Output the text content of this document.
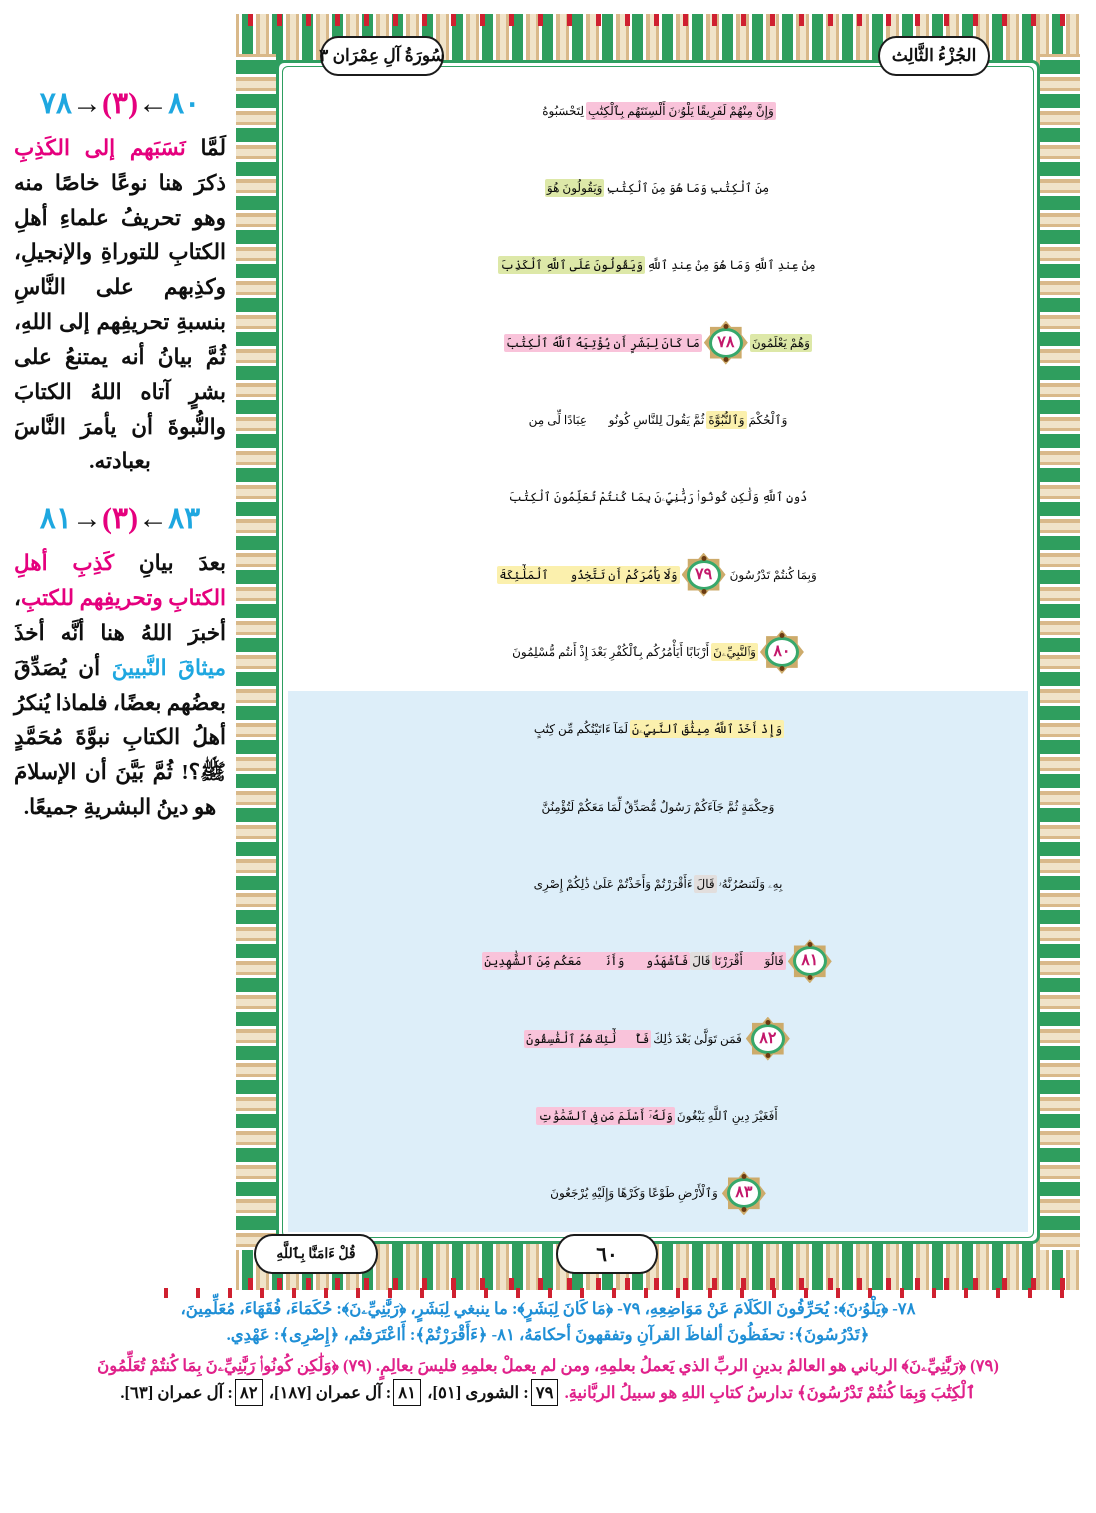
٨٠←(٣)→٧٨
لَمَّا نَسَبَهم إلى الكَذِبِ ذكرَ هنا نوعًا خاصًا منه وهو تحريفُ علماءِ أهلِ الكتابِ للتوراةِ والإنجيلِ، وكذِبهم على النَّاسِ بنسبةِ تحريفِهم إلى اللهِ، ثُمَّ بيانُ أنه يمتنعُ على بشرٍ آتاه اللهُ الكتابَ والنُّبوةَ أن يأمرَ النَّاسَ بعبادته.
٨٣←(٣)→٨١
بعدَ بيانِ كَذِبِ أهلِ الكتابِ وتحريفِهم للكتبِ، أخبرَ اللهُ هنا أنَّه أخذَ ميثاقَ النَّبيينَ أن يُصَدِّقَ بعضُهم بعضًا، فلماذا يُنكرُ أهلُ الكتابِ نبوَّةَ مُحَمَّدٍ ﷺ؟! ثُمَّ بَيَّنَ أن الإسلامَ هو دينُ البشريةِ جميعًا.
سُورَةُ آلِ عِمْرَان ٣	الجُزْءُ الثَّالِث
قُلْ ءَامَنَّا بِٱللَّهِ	٦٠
وَإِنَّ مِنْهُمْ لَفَرِيقًا يَلْوُۥنَ أَلْسِنَتَهُم بِٱلْكِتَٰبِ
لِتَحْسَبُوهُ
مِنَ ٱلْكِتَٰبِ وَمَا هُوَ مِنَ ٱلْكِتَٰبِ
وَيَقُولُونَ هُوَ
مِنْ عِندِ ٱللَّهِ وَمَا هُوَ مِنْ عِندِ ٱللَّهِ
وَيَقُولُونَ عَلَى ٱللَّهِ ٱلْكَذِبَ
وَهُمْ يَعْلَمُونَ
٧٨
مَا كَانَ لِبَشَرٍ أَن يُؤْتِيَهُ ٱللَّهُ ٱلْكِتَٰبَ
وَٱلْحُكْمَ
وَٱلنُّبُوَّةَ
ثُمَّ يَقُولَ لِلنَّاسِ كُونُوا۟ عِبَادًا لِّى مِن
دُونِ ٱللَّهِ وَلَٰكِن كُونُوا۟ رَبَّٰنِيِّۦنَ بِمَا كُنتُمْ تُعَلِّمُونَ ٱلْكِتَٰبَ
وَبِمَا كُنتُمْ تَدْرُسُونَ
٧٩
وَلَا يَأْمُرَكُمْ أَن تَتَّخِذُوا۟ ٱلْمَلَٰٓئِكَةَ
٨٠
وَٱلنَّبِيِّۦنَ
أَرْبَابًا أَيَأْمُرُكُم بِٱلْكُفْرِ بَعْدَ إِذْ أَنتُم مُّسْلِمُونَ
وَإِذْ أَخَذَ ٱللَّهُ مِيثَٰقَ ٱلنَّبِيِّۦنَ
لَمَآ ءَاتَيْتُكُم مِّن كِتَٰبٍ
وَحِكْمَةٍ ثُمَّ جَآءَكُمْ رَسُولٌ مُّصَدِّقٌ لِّمَا مَعَكُمْ لَتُؤْمِنُنَّ
بِهِۦ وَلَتَنصُرُنَّهُۥ
قَالَ
ءَأَقْرَرْتُمْ وَأَخَذْتُمْ عَلَىٰ ذَٰلِكُمْ إِصْرِى
٨١
قَالُوٓا۟ أَقْرَرْنَا
قَالَ
فَٱشْهَدُوا۟ وَأَنَا۠ مَعَكُم مِّنَ ٱلشَّٰهِدِينَ
٨٢
فَمَن تَوَلَّىٰ بَعْدَ ذَٰلِكَ
فَأُو۟لَٰٓئِكَ هُمُ ٱلْفَٰسِقُونَ
أَفَغَيْرَ دِينِ ٱللَّهِ يَبْغُونَ
وَلَهُۥٓ أَسْلَمَ مَن فِى ٱلسَّمَٰوَٰتِ
٨٣
وَٱلْأَرْضِ طَوْعًا وَكَرْهًا وَإِلَيْهِ يُرْجَعُونَ
٧٨- ﴿يَلْوُۥنَ﴾: يُحَرِّفُونَ الكَلَامَ عَنْ مَوَاضِعِهِ، ٧٩- ﴿مَا كَانَ لِبَشَرٍ﴾: ما ينبغي لِبَشَرٍ، ﴿رَبَّٰنِيِّۦنَ﴾: حُكَمَاءَ، فُقَهَاءَ، مُعَلِّمِينَ،
﴿تَدْرُسُونَ﴾: تحفَظُونَ ألفاظَ القرآنِ وتفقهونَ أحكامَهُ، ٨١- ﴿ءَأَقْرَرْتُمْ﴾: أَاعْتَرَفتُم، ﴿إِصْرِى﴾: عَهْدِي.
(٧٩) ﴿رَبَّٰنِيِّۦنَ﴾ الرباني هو العالمُ بدينِ الربِّ الذي يَعملُ بعلمِهِ، ومن لم يعملْ بعلمِهِ فليسَ بعالِمٍ. (٧٩) ﴿وَلَٰكِن كُونُوا۟ رَبَّٰنِيِّۦنَ بِمَا كُنتُمْ تُعَلِّمُونَ
ٱلْكِتَٰبَ وَبِمَا كُنتُمْ تَدْرُسُونَ﴾ تدارسُ كتابِ اللهِ هو سبيلُ الربَّانيةِ. ٧٩: الشورى [٥١]، ٨١: آل عمران [١٨٧]، ٨٢: آل عمران [٦٣].
